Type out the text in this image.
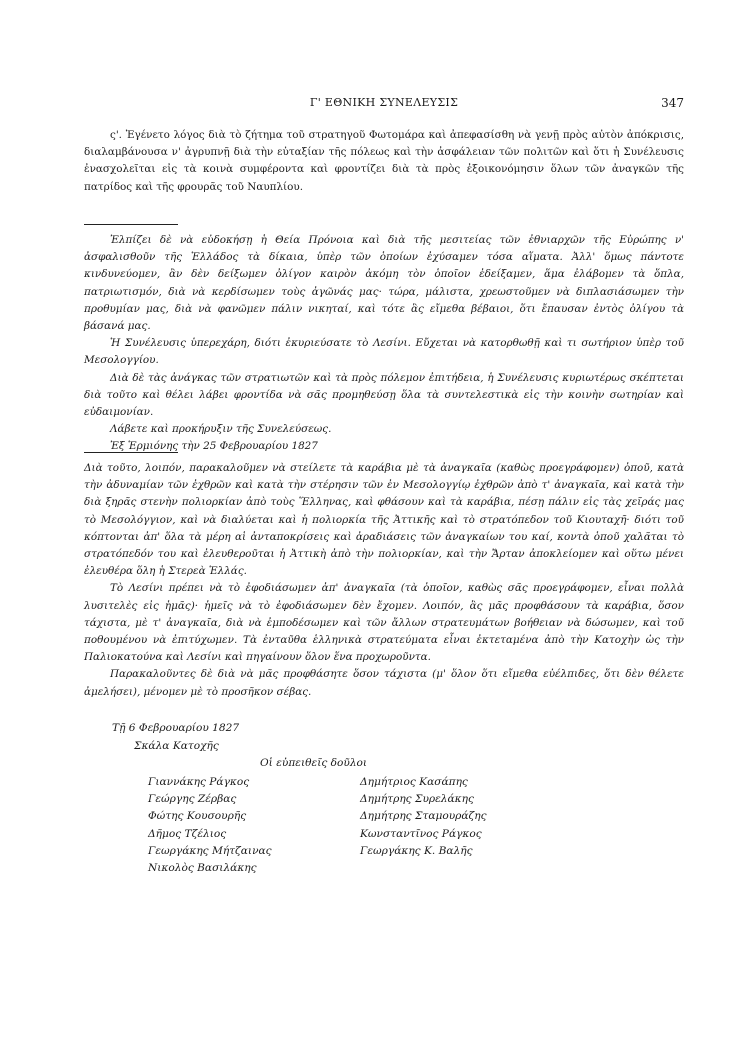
Γ' ΕΘΝΙΚΗ ΣΥΝΕΛΕΥΣΙΣ	347

ς'. Ἐγένετο λόγος διὰ τὸ ζήτημα τοῦ στρατηγοῦ Φωτομάρα καὶ ἀπεφασίσθη νὰ γενῇ πρὸς αὐτὸν ἀπόκρισις, διαλαμβάνουσα ν' ἀγρυπνῇ διὰ τὴν εὐταξίαν τῆς πόλεως καὶ τὴν ἀσφάλειαν τῶν πολιτῶν καὶ ὅτι ἡ Συνέλευσις ἐνασχολεῖται εἰς τὰ κοινὰ συμφέροντα καὶ φροντίζει διὰ τὰ πρὸς ἐξοικονόμησιν ὅλων τῶν ἀναγκῶν τῆς πατρίδος καὶ τῆς φρουρᾶς τοῦ Ναυπλίου.

Ἐλπίζει δὲ νὰ εὐδοκήσῃ ἡ Θεία Πρόνοια καὶ διὰ τῆς μεσιτείας τῶν ἐθνιαρχῶν τῆς Εὐρώπης ν' ἀσφαλισθοῦν τῆς Ἑλλάδος τὰ δίκαια, ὑπὲρ τῶν ὁποίων ἐχύσαμεν τόσα αἵματα. Ἀλλ' ὅμως πάντοτε κινδυνεύομεν, ἂν δὲν δείξωμεν ὀλίγον καιρὸν ἀκόμη τὸν ὁποῖον ἐδείξαμεν, ἅμα ἐλάβομεν τὰ ὅπλα, πατριωτισμόν, διὰ νὰ κερδίσωμεν τοὺς ἀγῶνάς μας· τώρα, μάλιστα, χρεωστοῦμεν νὰ διπλασιάσωμεν τὴν προθυμίαν μας, διὰ νὰ φανῶμεν πάλιν νικηταί, καὶ τότε ἃς εἴμεθα βέβαιοι, ὅτι ἔπαυσαν ἐντὸς ὀλίγου τὰ βάσανά μας.

Ἡ Συνέλευσις ὑπερεχάρη, διότι ἐκυριεύσατε τὸ Λεσίνι. Εὔχεται νὰ κατορθωθῇ καὶ τι σωτήριον ὑπὲρ τοῦ Μεσολογγίου.

Διὰ δὲ τὰς ἀνάγκας τῶν στρατιωτῶν καὶ τὰ πρὸς πόλεμον ἐπιτήδεια, ἡ Συνέλευσις κυριωτέρως σκέπτεται διὰ τοῦτο καὶ θέλει λάβει φροντίδα νὰ σᾶς προμηθεύσῃ ὅλα τὰ συντελεστικὰ εἰς τὴν κοινὴν σωτηρίαν καὶ εὐδαιμονίαν.

Λάβετε καὶ προκήρυξιν τῆς Συνελεύσεως.

Ἐξ Ἑρμιόνης τὴν 25 Φεβρουαρίου 1827

Διὰ τοῦτο, λοιπόν, παρακαλοῦμεν νὰ στείλετε τὰ καράβια μὲ τὰ ἀναγκαῖα (καθὼς προεγράφομεν) ὁποῦ, κατὰ τὴν ἀδυναμίαν τῶν ἐχθρῶν καὶ κατὰ τὴν στέρησιν τῶν ἐν Μεσολογγίῳ ἐχθρῶν ἀπὸ τ' ἀναγκαῖα, καὶ κατὰ τὴν διὰ ξηρᾶς στενὴν πολιορκίαν ἀπὸ τοὺς Ἕλληνας, καὶ φθάσουν καὶ τὰ καράβια, πέσῃ πάλιν εἰς τὰς χεῖράς μας τὸ Μεσολόγγιον, καὶ νὰ διαλύεται καὶ ἡ πολιορκία τῆς Ἀττικῆς καὶ τὸ στρατόπεδον τοῦ Κιουταχῆ· διότι τοῦ κόπτονται ἀπ' ὅλα τὰ μέρη αἱ ἀνταποκρίσεις καὶ ἀραδιάσεις τῶν ἀναγκαίων του καί, κοντὰ ὁποῦ χαλᾶται τὸ στρατόπεδόν του καὶ ἐλευθεροῦται ἡ Ἀττικὴ ἀπὸ τὴν πολιορκίαν, καὶ τὴν Ἄρταν ἀποκλείομεν καὶ οὕτω μένει ἐλευθέρα ὅλη ἡ Στερεὰ Ἑλλάς.

Τὸ Λεσίνι πρέπει νὰ τὸ ἐφοδιάσωμεν ἀπ' ἀναγκαῖα (τὰ ὁποῖον, καθὼς σᾶς προεγράφομεν, εἶναι πολλὰ λυσιτελὲς εἰς ἡμᾶς)· ἡμεῖς νὰ τὸ ἐφοδιάσωμεν δὲν ἔχομεν. Λοιπόν, ἂς μᾶς προφθάσουν τὰ καράβια, ὅσον τάχιστα, μὲ τ' ἀναγκαῖα, διὰ νὰ ἐμποδέσωμεν καὶ τῶν ἄλλων στρατευμάτων βοήθειαν νὰ δώσωμεν, καὶ τοῦ ποθουμένου νὰ ἐπιτύχωμεν. Τὰ ἐνταῦθα ἑλληνικὰ στρατεύματα εἶναι ἐκτεταμένα ἀπὸ τὴν Κατοχὴν ὡς τὴν Παλιοκατούνα καὶ Λεσίνι καὶ πηγαίνουν ὅλον ἕνα προχωροῦντα.

Παρακαλοῦντες δὲ διὰ νὰ μᾶς προφθάσητε ὅσον τάχιστα (μ' ὅλον ὅτι εἴμεθα εὐέλπιδες, ὅτι δὲν θέλετε ἀμελήσει), μένομεν μὲ τὸ προσῆκον σέβας.

Τῇ 6 Φεβρουαρίου 1827
Σκάλα Κατοχῆς
Οἱ εὐπειθεῖς δοῦλοι
Γιαννάκης Ράγκος
Γεώργης Ζέρβας
Φώτης Κουσουρῆς
Δῆμος Τζέλιος
Γεωργάκης Μήτζαινας
Νικολὸς Βασιλάκης
Δημήτριος Κασάπης
Δημήτρης Συρελάκης
Δημήτρης Σταμουράζης
Κωνσταντῖνος Ράγκος
Γεωργάκης Κ. Βαλῆς
